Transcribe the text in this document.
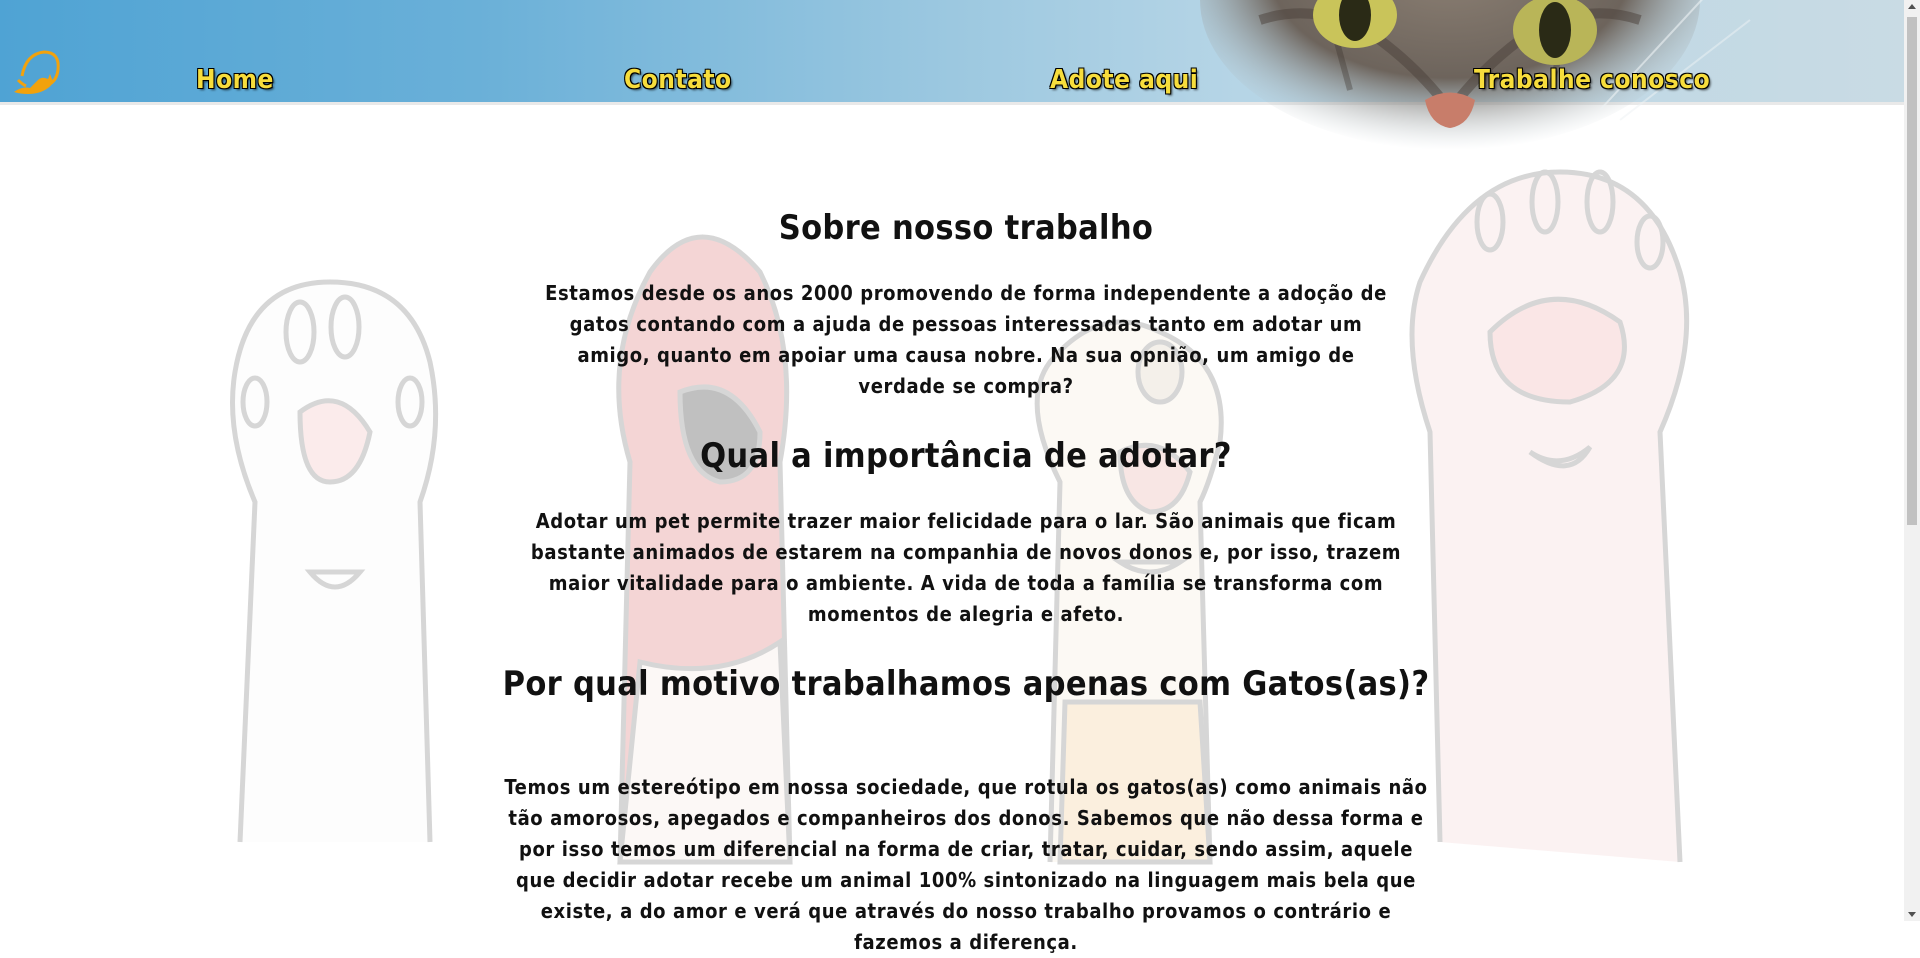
Home	Contato	Adote aqui	Trabalhe conosco
Sobre nosso trabalho

Estamos desde os anos 2000 promovendo de forma independente a adoção de gatos contando com a ajuda de pessoas interessadas tanto em adotar um amigo, quanto em apoiar uma causa nobre. Na sua opnião, um amigo de verdade se compra?

Qual a importância de adotar?

Adotar um pet permite trazer maior felicidade para o lar. São animais que ficam bastante animados de estarem na companhia de novos donos e, por isso, trazem maior vitalidade para o ambiente. A vida de toda a família se transforma com momentos de alegria e afeto.

Por qual motivo trabalhamos apenas com Gatos(as)?

Temos um estereótipo em nossa sociedade, que rotula os gatos(as) como animais não tão amorosos, apegados e companheiros dos donos. Sabemos que não dessa forma e por isso temos um diferencial na forma de criar, tratar, cuidar, sendo assim, aquele que decidir adotar recebe um animal 100% sintonizado na linguagem mais bela que existe, a do amor e verá que através do nosso trabalho provamos o contrário e fazemos a diferença.
